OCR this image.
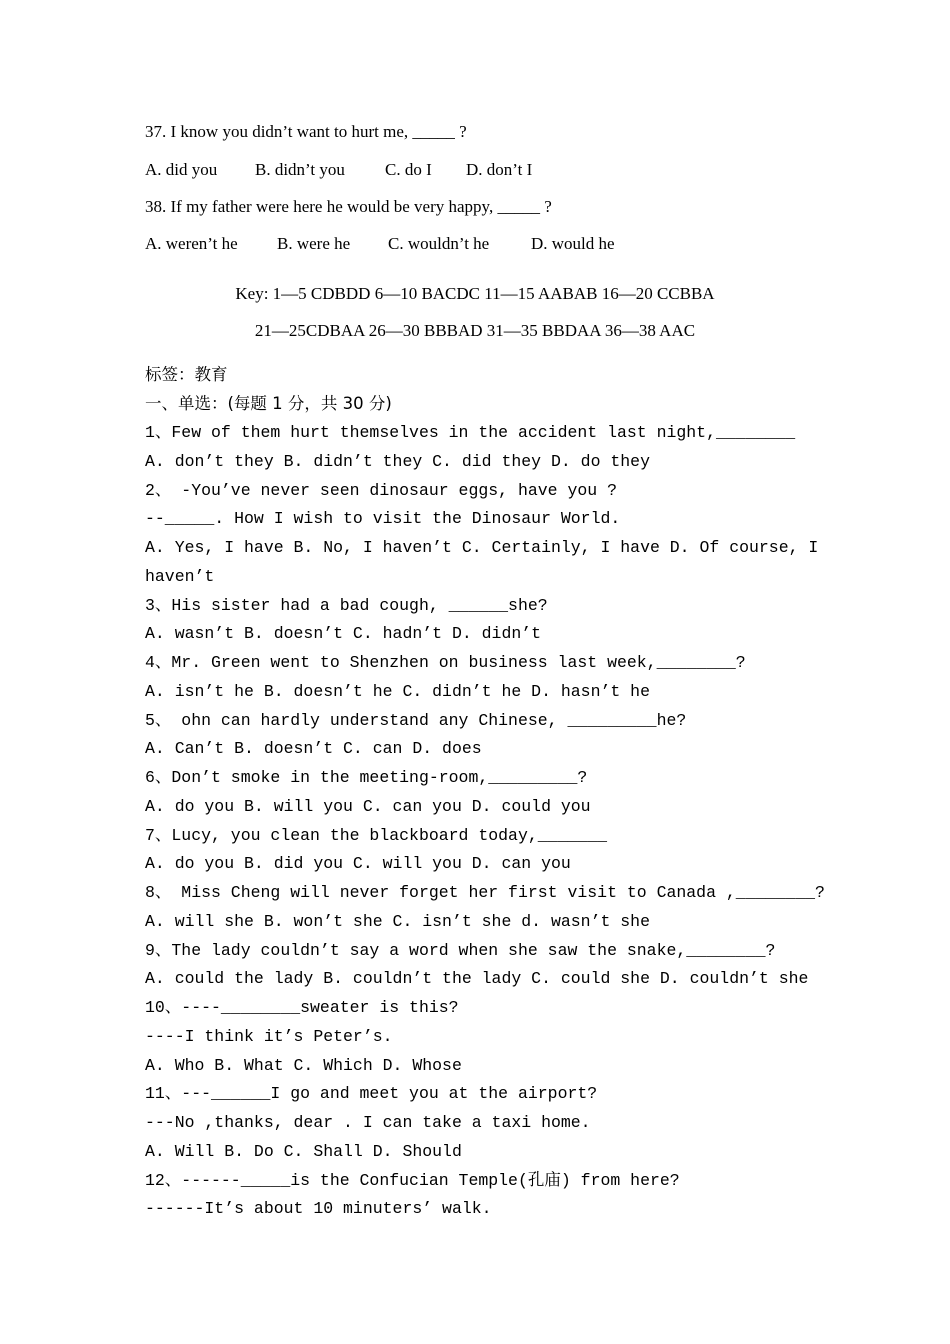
37. I know you didn’t want to hurt me, _____ ?
A. did you B. didn’t you C. do I D. don’t I
38. If my father were here he would be very happy, _____ ?
A. weren’t he B. were he C. wouldn’t he D. would he
Key: 1—5 CDBDD 6—10 BACDC 11—15 AABAB 16—20 CCBBA
21—25CDBAA 26—30 BBBAD 31—35 BBDAA 36—38 AAC
标签：教育
一、单选：(每题 1 分，共 30 分)
1、Few of them hurt themselves in the accident last night,________
A. don’t they B. didn’t they C. did they D. do they
2、 -You’ve never seen dinosaur eggs, have you ?
--_____. How I wish to visit the Dinosaur World.
A. Yes, I have B. No, I haven’t C. Certainly, I have D. Of course, I
haven’t
3、His sister had a bad cough, ______she?
A. wasn’t B. doesn’t C. hadn’t D. didn’t
4、Mr. Green went to Shenzhen on business last week,________?
A. isn’t he B. doesn’t he C. didn’t he D. hasn’t he
5、 ohn can hardly understand any Chinese, _________he?
A. Can’t B. doesn’t C. can D. does
6、Don’t smoke in the meeting-room,_________?
A. do you B. will you C. can you D. could you
7、Lucy, you clean the blackboard today,_______
A. do you B. did you C. will you D. can you
8、 Miss Cheng will never forget her first visit to Canada ,________?
A. will she B. won’t she C. isn’t she d. wasn’t she
9、The lady couldn’t say a word when she saw the snake,________?
A. could the lady B. couldn’t the lady C. could she D. couldn’t she
10、----________sweater is this?
----I think it’s Peter’s.
A. Who B. What C. Which D. Whose
11、---______I go and meet you at the airport?
---No ,thanks, dear . I can take a taxi home.
A. Will B. Do C. Shall D. Should
12、------_____is the Confucian Temple(孔庙) from here?
------It’s about 10 minuters’ walk.
